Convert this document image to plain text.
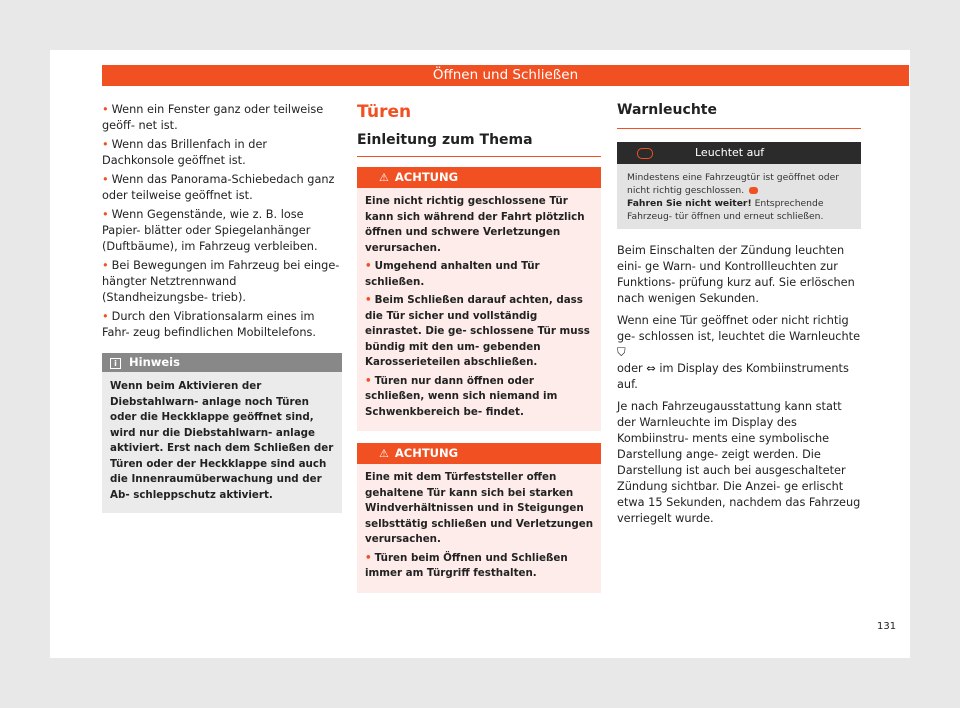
Öffnen und Schließen

• Wenn ein Fenster ganz oder teilweise geöff- net ist.

• Wenn das Brillenfach in der Dachkonsole geöffnet ist.

• Wenn das Panorama-Schiebedach ganz oder teilweise geöffnet ist.

• Wenn Gegenstände, wie z. B. lose Papier- blätter oder Spiegelanhänger (Duftbäume), im Fahrzeug verbleiben.

• Bei Bewegungen im Fahrzeug bei einge- hängter Netztrennwand (Standheizungsbe- trieb).

• Durch den Vibrationsalarm eines im Fahr- zeug befindlichen Mobiltelefons.

i Hinweis
Wenn beim Aktivieren der Diebstahlwarn- anlage noch Türen oder die Heckklappe geöffnet sind, wird nur die Diebstahlwarn- anlage aktiviert. Erst nach dem Schließen der Türen oder der Heckklappe sind auch die Innenraumüberwachung und der Ab- schleppschutz aktiviert.
Türen
Einleitung zum Thema
⚠ ACHTUNG

Eine nicht richtig geschlossene Tür kann sich während der Fahrt plötzlich öffnen und schwere Verletzungen verursachen.

• Umgehend anhalten und Tür schließen.

• Beim Schließen darauf achten, dass die Tür sicher und vollständig einrastet. Die ge- schlossene Tür muss bündig mit den um- gebenden Karosserieteilen abschließen.

• Türen nur dann öffnen oder schließen, wenn sich niemand im Schwenkbereich be- findet.

⚠ ACHTUNG

Eine mit dem Türfeststeller offen gehaltene Tür kann sich bei starken Windverhältnissen und in Steigungen selbsttätig schließen und Verletzungen verursachen.

• Türen beim Öffnen und Schließen immer am Türgriff festhalten.

Warnleuchte
Leuchtet auf
Mindestens eine Fahrzeugtür ist geöffnet oder nicht richtig geschlossen.
Fahren Sie nicht weiter! Entsprechende Fahrzeug- tür öffnen und erneut schließen.

Beim Einschalten der Zündung leuchten eini- ge Warn- und Kontrollleuchten zur Funktions- prüfung kurz auf. Sie erlöschen nach wenigen Sekunden.

Wenn eine Tür geöffnet oder nicht richtig ge- schlossen ist, leuchtet die Warnleuchte ⛉
oder ⇔ im Display des Kombiinstruments auf.

Je nach Fahrzeugausstattung kann statt der Warnleuchte im Display des Kombiinstru- ments eine symbolische Darstellung ange- zeigt werden. Die Darstellung ist auch bei ausgeschalteter Zündung sichtbar. Die Anzei- ge erlischt etwa 15 Sekunden, nachdem das Fahrzeug verriegelt wurde.

131
